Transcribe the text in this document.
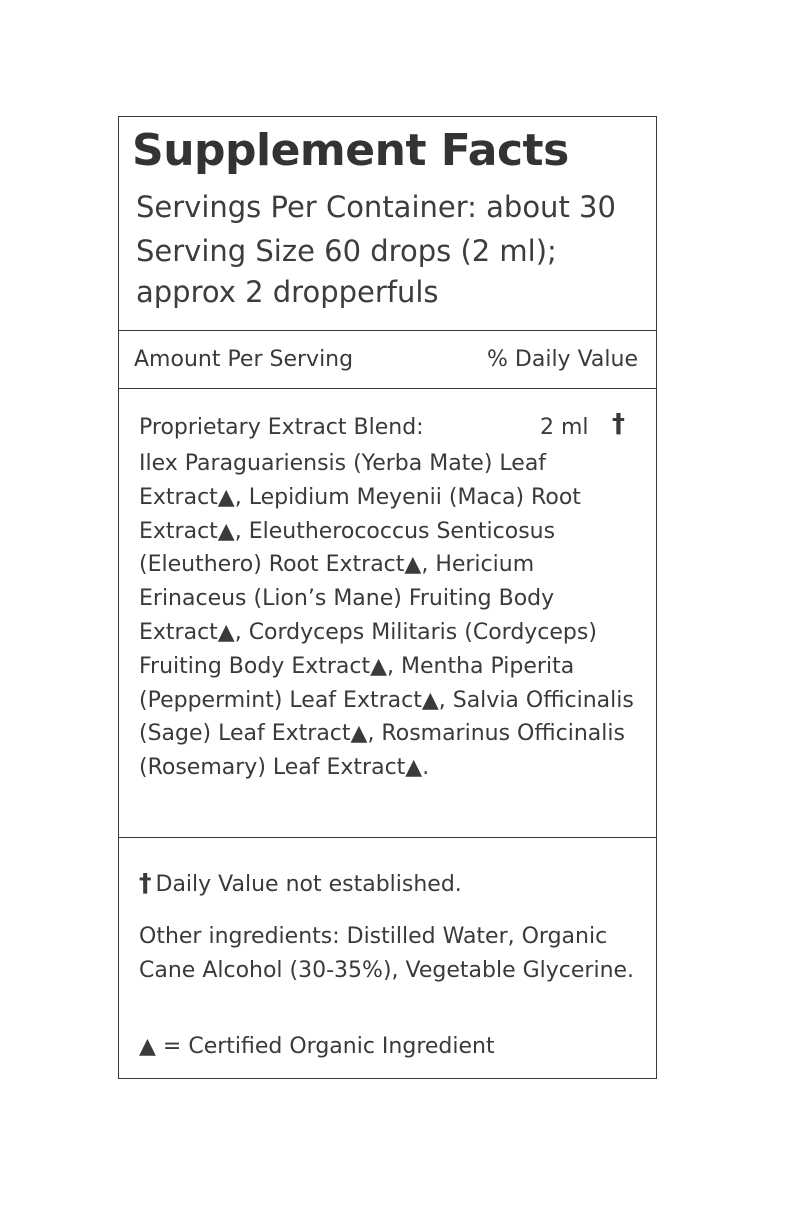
Supplement Facts
Servings Per Container: about 30
Serving Size 60 drops (2 ml); approx 2 dropperfuls
Amount Per Serving	% Daily Value
Proprietary Extract Blend:	2 ml †

Ilex Paraguariensis (Yerba Mate) Leaf Extract▲, Lepidium Meyenii (Maca) Root Extract▲, Eleutherococcus Senticosus (Eleuthero) Root Extract▲, Hericium Erinaceus (Lion’s Mane) Fruiting Body Extract▲, Cordyceps Militaris (Cordyceps) Fruiting Body Extract▲, Mentha Piperita (Peppermint) Leaf Extract▲, Salvia Officinalis (Sage) Leaf Extract▲, Rosmarinus Officinalis (Rosemary) Leaf Extract▲.

† Daily Value not established.

Other ingredients: Distilled Water, Organic Cane Alcohol (30-35%), Vegetable Glycerine.

▲ = Certified Organic Ingredient
